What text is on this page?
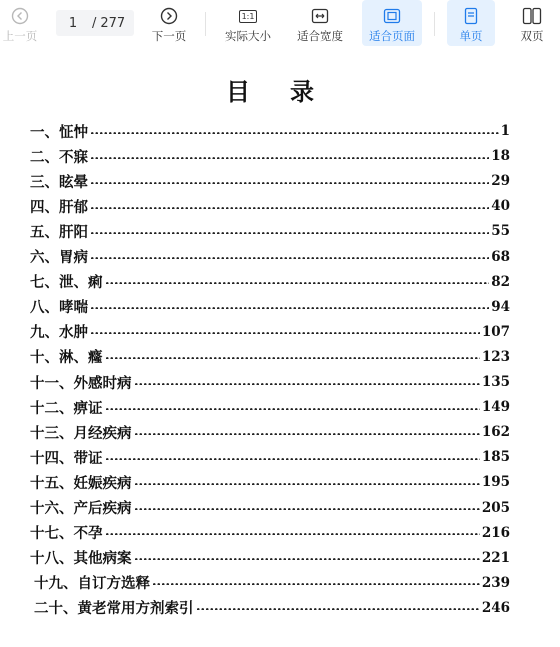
上一页
1	/ 277
下一页
1:1
实际大小 适合宽度 适合页面	单页	双页
目录
一、怔忡	1
二、不寐	18
三、眩晕	29
四、肝郁	40
五、肝阳	55
六、胃病	68
七、泄、痢	82
八、哮喘	94
九、水肿	107
十、淋、癃	123
十一、外感时病	135
十二、痹证	149
十三、月经疾病	162
十四、带证	185
十五、妊娠疾病	195
十六、产后疾病	205
十七、不孕	216
十八、其他病案	221
十九、自订方选释	239
二十、黄老常用方剂索引	246
